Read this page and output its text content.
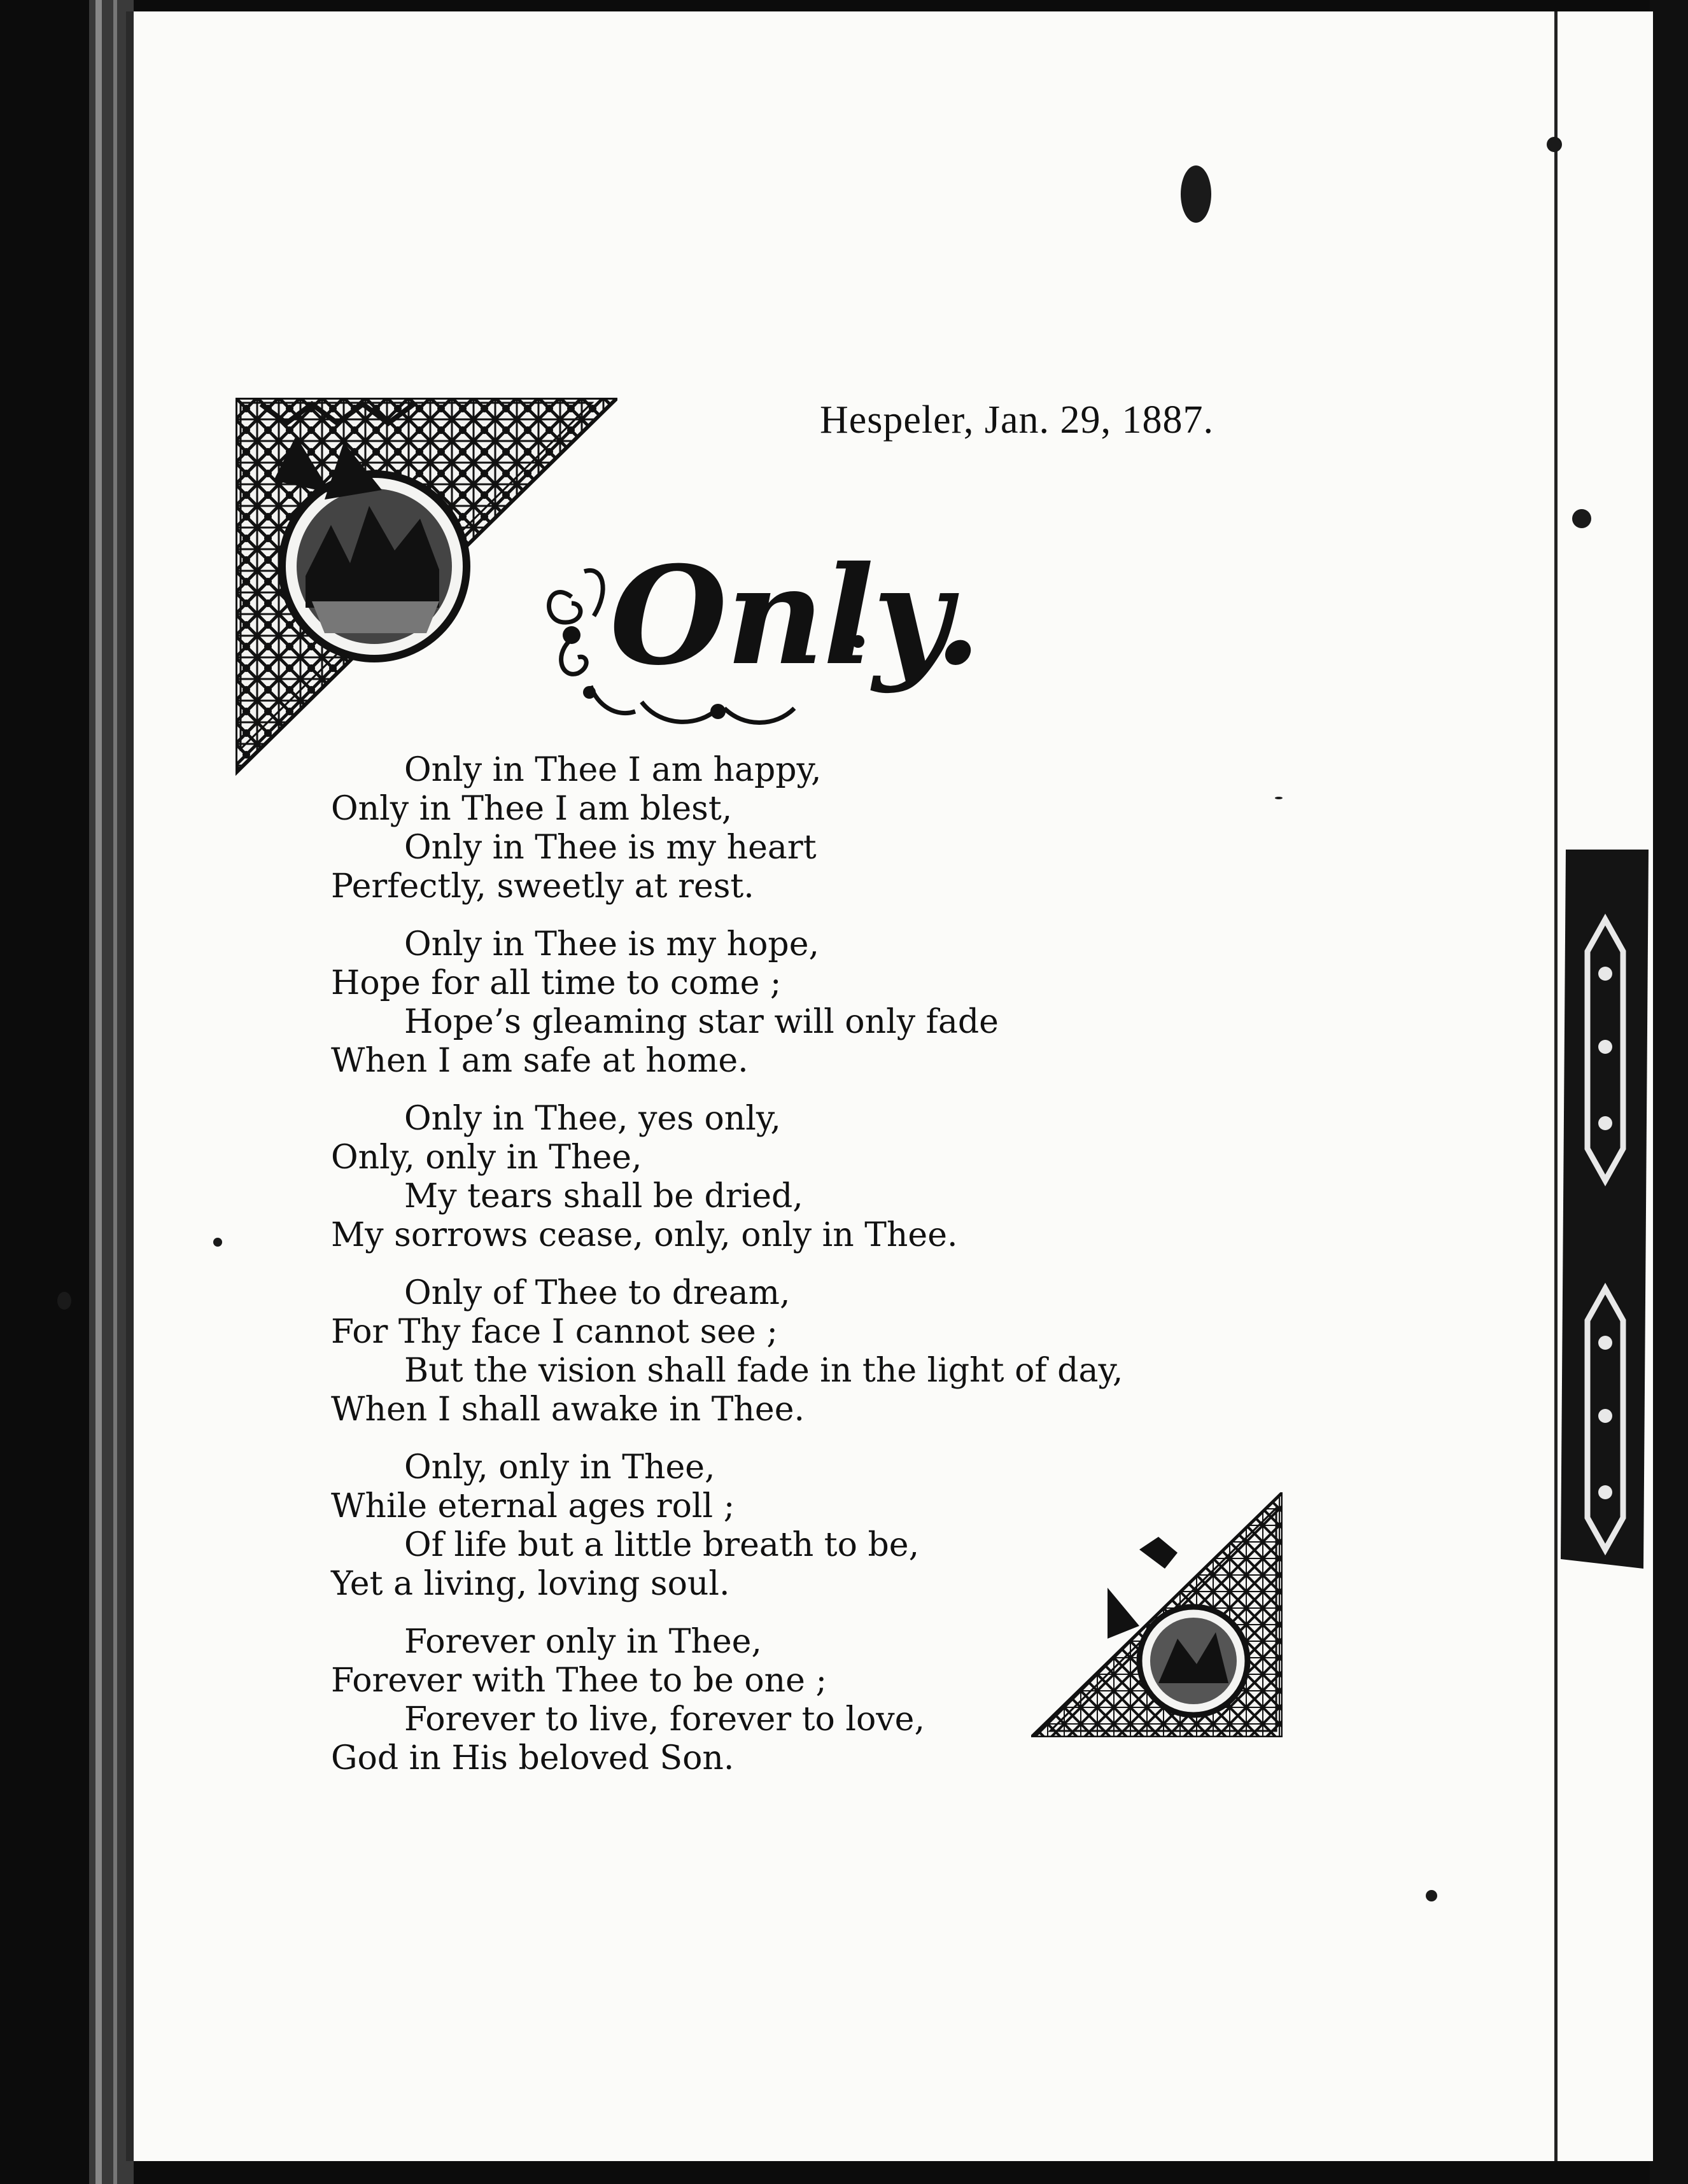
Hespeler, Jan. 29, 1887.
Only.
Only in Thee I am happy,
Only in Thee I am blest,
Only in Thee is my heart
Perfectly, sweetly at rest.
Only in Thee is my hope,
Hope for all time to come ;
Hope’s gleaming star will only fade
When I am safe at home.
Only in Thee, yes only,
Only, only in Thee,
My tears shall be dried,
My sorrows cease, only, only in Thee.
Only of Thee to dream,
For Thy face I cannot see ;
But the vision shall fade in the light of day,
When I shall awake in Thee.
Only, only in Thee,
While eternal ages roll ;
Of life but a little breath to be,
Yet a living, loving soul.
Forever only in Thee,
Forever with Thee to be one ;
Forever to live, forever to love,
God in His beloved Son.
